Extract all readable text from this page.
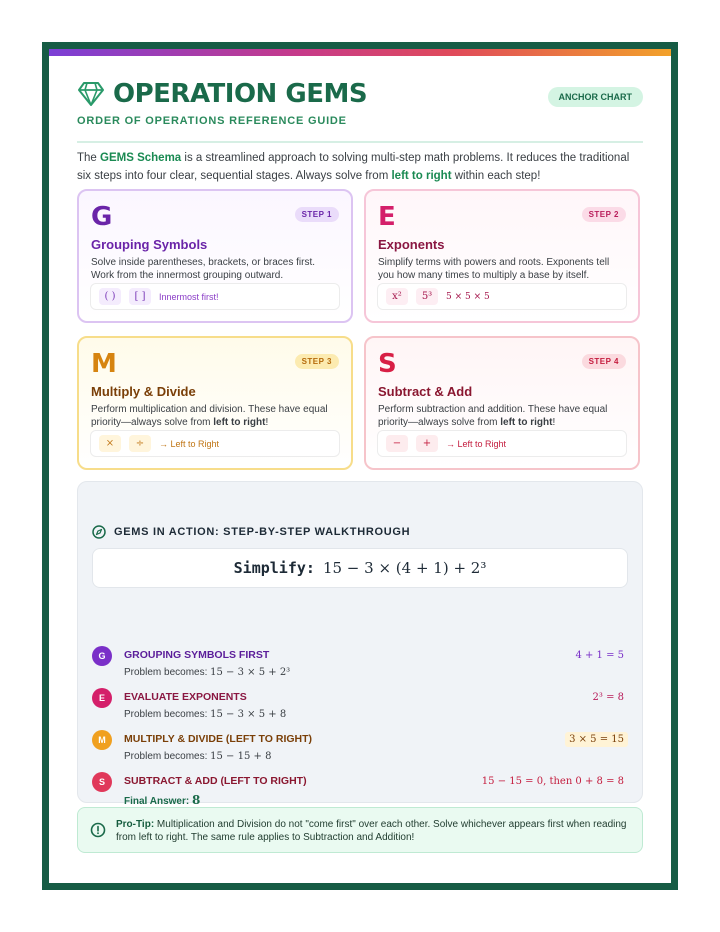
OPERATION GEMS
ORDER OF OPERATIONS REFERENCE GUIDE
ANCHOR CHART
The GEMS Schema is a streamlined approach to solving multi-step math problems. It reduces the traditional six steps into four clear, sequential stages. Always solve from left to right within each step!
G	STEP 1
Grouping Symbols
Solve inside parentheses, brackets, or braces first. Work from the innermost grouping outward.
( )	[ ]	Innermost first!
E	STEP 2
Exponents
Simplify terms with powers and roots. Exponents tell you how many times to multiply a base by itself.
x²	5³	5 × 5 × 5
M	STEP 3
Multiply & Divide
Perform multiplication and division. These have equal priority—always solve from left to right!
×	÷	→ Left to Right
S	STEP 4
Subtract & Add
Perform subtraction and addition. These have equal priority—always solve from left to right!
−	+	→ Left to Right
GEMS IN ACTION: STEP-BY-STEP WALKTHROUGH
Simplify: 15 − 3 × (4 + 1) + 2³
G	GROUPING SYMBOLS FIRST
Problem becomes: 15 − 3 × 5 + 2³
4 + 1 = 5
E	EVALUATE EXPONENTS
Problem becomes: 15 − 3 × 5 + 8
2³ = 8
M	MULTIPLY & DIVIDE (LEFT TO RIGHT)
Problem becomes: 15 − 15 + 8
3 × 5 = 15
S	SUBTRACT & ADD (LEFT TO RIGHT)
Final Answer: 8
15 − 15 = 0, then 0 + 8 = 8
Pro-Tip: Multiplication and Division do not "come first" over each other. Solve whichever appears first when reading from left to right. The same rule applies to Subtraction and Addition!
